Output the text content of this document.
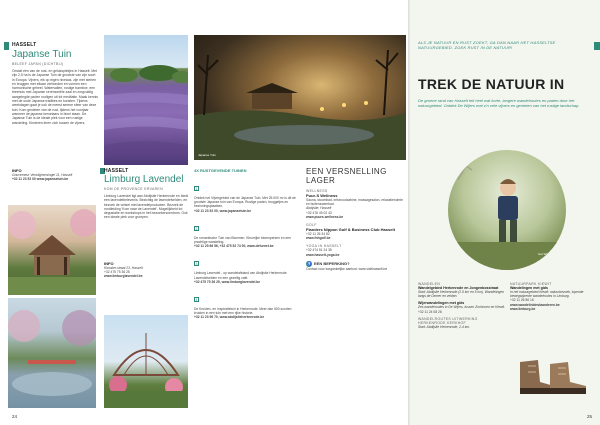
HASSELT
Japanse Tuin
BELEEF JAPAN (DICHTBIJ)
Omdat één van de rust- en geluksplekjes in Hasselt. Met zijn 2,5 ha is de Japanse Tuin de grootste van zijn soort in Europa. Vijvers, elk op eigen niveaus, zijn met stenen en bruggen met elkaar verbonden en vormen een harmonische geheel. Watervallen, rustige bamboe, een theehuis met Japanse ceremoniële zaal en zorgvuldig aangelegde paden nodigen uit tot meditatie. Maak kennis met de oude Japanse tradities en kunsten. Tijdens weekdagen gaat je ook de meest serene sfeer van deze tuin. Kom genieten van de rust, tijdens het voorjaar wanneer de japanse kerselaars in bloei staan. De Japanse Tuin is de ideale plek voor een rustige wandeling. Kinderen leren zich tussen de vijvers.
INFO
Gouverneur Verwilghensingel 11, Hasselt
+32 11 23 52 00 www.japansetuin.be
HASSELT
Limburg Lavendel
KOM DE PROVENCE ERVAREN
Limburg Lavendel ligt aan Abdijsite Herkenrode en biedt een lavendelbelevenis. Bezichtig de lavendelvelden, en bezoek de winkel met lavendelproducten. Bezoek de rondleiding 'Kom naar de Lavendel'. Mogelijkheid tot degustatie en workshops in het bezoekerscentrum. Ook een ideale plek voor groepen.
INFO
Klooster-straat 23, Hasselt
+32 475 75 36 25
www.limburglavendel.be
Japanse Tuin
4X RUSTGEVENDE TUINEN
1
Ontdek het Vijvergebied van de Japanse Tuin. Met 25.000 m² is dit de grootste Japanse tuin van Europa. Rustige paden, bruggetjes en bezinningsplaatsen.
+32 11 23 52 00, www.japansetuin.be
2
De romantische Tuin van Bloemen. Kleurrijke bloemperken en een prachtige wandeling.
+32 11 25 66 56, +32 475 52 74 00, www.defurnet.be
3
Limburg Lavendel - op wandelafstand van Abdijsite Herkenrode. Lavendelvelden en een gezellig café.
+32 475 75 36 25, www.limburglavendel.be
4
De Kruiden- en Inspiratietuin in Herkenrode. Meer dan 500 soorten kruiden in een tuin met een rijke historie.
+32 11 23 96 70, www.abdijsiteherkenrode.be
EEN VERSNELLING LAGER
WELLNESS
Puur-S Wellness
Sauna, stoombad, infraroodcabine, massagesalon, relaxatieruimte en buitenzwembad.
Abdijsite, Hasselt
+32 476 49 02 43
www.puurs-wellness.be
GOLF
Flanders Nippon Golf & Business Club Hasselt
+32 11 26 34 82
www.fnhgolf.be
YOGA IN HASSELT
+32 474 51 24 35
www.hasselt-yoga.be
♿ EEN BEPERKING?
Contact voor toegankelijke aanbod: www.visithasselt.be
24
ALS JE NATUUR EN RUST ZOEKT, GA DAN NAAR HET HASSELTSE NATUURGEBIED. ZOEK RUST IN DE NATUUR!
TREK DE NATUUR IN
De groene rand van Hasselt telt heel wat korte, langere wandelroutes en paden door het natuurgebied. Ontdek De Wijers met z'n vele vijvers en genieten van het rustige landschap.
Het Wijers
WANDELEN
Wandelgebied Herkenrode en Jongenbosstraat
Start: Abdijsite Herkenrode (2.5 km en 5 km). Wandelingen langs de Demer en velden.
Wijerwandelingen met gids
Zes wandelroutes in De Wijers, tussen Zonhoven en Kiewit.
+32 11 24 08 26
WANDELROUTES UITWERKING HERKENRODE KERKHOF
Start: Abdijsite Herkenrode, 2-4 km.
NATUURPARK KIEWIT
Wandelingen met gids
In het natuurgebied Kiewit: natuurbezoek, lopende bewegwijzerde wandelroutes in Limburg.
+32 11 26 56 16
www.wandelinbinvlaanderen.be
www.limburg.be
25
